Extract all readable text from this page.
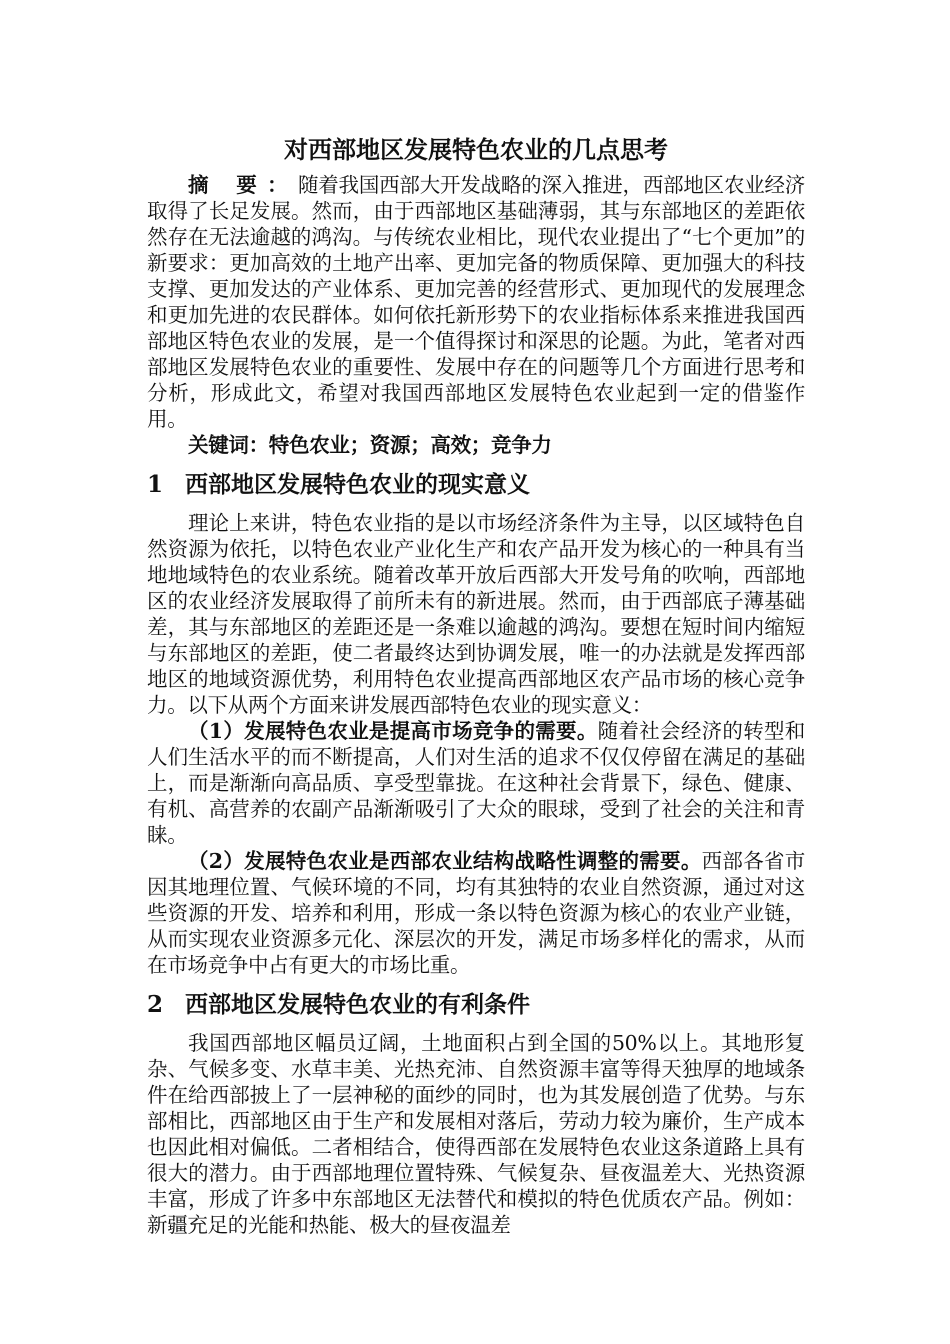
对西部地区发展特色农业的几点思考

摘 要：随着我国西部大开发战略的深入推进，西部地区农业经济取得了长足发展。然而，由于西部地区基础薄弱，其与东部地区的差距依然存在无法逾越的鸿沟。与传统农业相比，现代农业提出了“七个更加”的新要求：更加高效的土地产出率、更加完备的物质保障、更加强大的科技支撑、更加发达的产业体系、更加完善的经营形式、更加现代的发展理念和更加先进的农民群体。如何依托新形势下的农业指标体系来推进我国西部地区特色农业的发展，是一个值得探讨和深思的论题。为此，笔者对西部地区发展特色农业的重要性、发展中存在的问题等几个方面进行思考和分析，形成此文，希望对我国西部地区发展特色农业起到一定的借鉴作用。

关键词：特色农业；资源；高效；竞争力

1 西部地区发展特色农业的现实意义

理论上来讲，特色农业指的是以市场经济条件为主导，以区域特色自然资源为依托，以特色农业产业化生产和农产品开发为核心的一种具有当地地域特色的农业系统。随着改革开放后西部大开发号角的吹响，西部地区的农业经济发展取得了前所未有的新进展。然而，由于西部底子薄基础差，其与东部地区的差距还是一条难以逾越的鸿沟。要想在短时间内缩短与东部地区的差距，使二者最终达到协调发展，唯一的办法就是发挥西部地区的地域资源优势，利用特色农业提高西部地区农产品市场的核心竞争力。以下从两个方面来讲发展西部特色农业的现实意义：

（1）发展特色农业是提高市场竞争的需要。随着社会经济的转型和人们生活水平的而不断提高，人们对生活的追求不仅仅停留在满足的基础上，而是渐渐向高品质、享受型靠拢。在这种社会背景下，绿色、健康、有机、高营养的农副产品渐渐吸引了大众的眼球，受到了社会的关注和青睐。

（2）发展特色农业是西部农业结构战略性调整的需要。西部各省市因其地理位置、气候环境的不同，均有其独特的农业自然资源，通过对这些资源的开发、培养和利用，形成一条以特色资源为核心的农业产业链，从而实现农业资源多元化、深层次的开发，满足市场多样化的需求，从而在市场竞争中占有更大的市场比重。

2 西部地区发展特色农业的有利条件

我国西部地区幅员辽阔，土地面积占到全国的50%以上。其地形复杂、气候多变、水草丰美、光热充沛、自然资源丰富等得天独厚的地域条件在给西部披上了一层神秘的面纱的同时，也为其发展创造了优势。与东部相比，西部地区由于生产和发展相对落后，劳动力较为廉价，生产成本也因此相对偏低。二者相结合，使得西部在发展特色农业这条道路上具有很大的潜力。由于西部地理位置特殊、气候复杂、昼夜温差大、光热资源丰富，形成了许多中东部地区无法替代和模拟的特色优质农产品。例如：新疆充足的光能和热能、极大的昼夜温差
